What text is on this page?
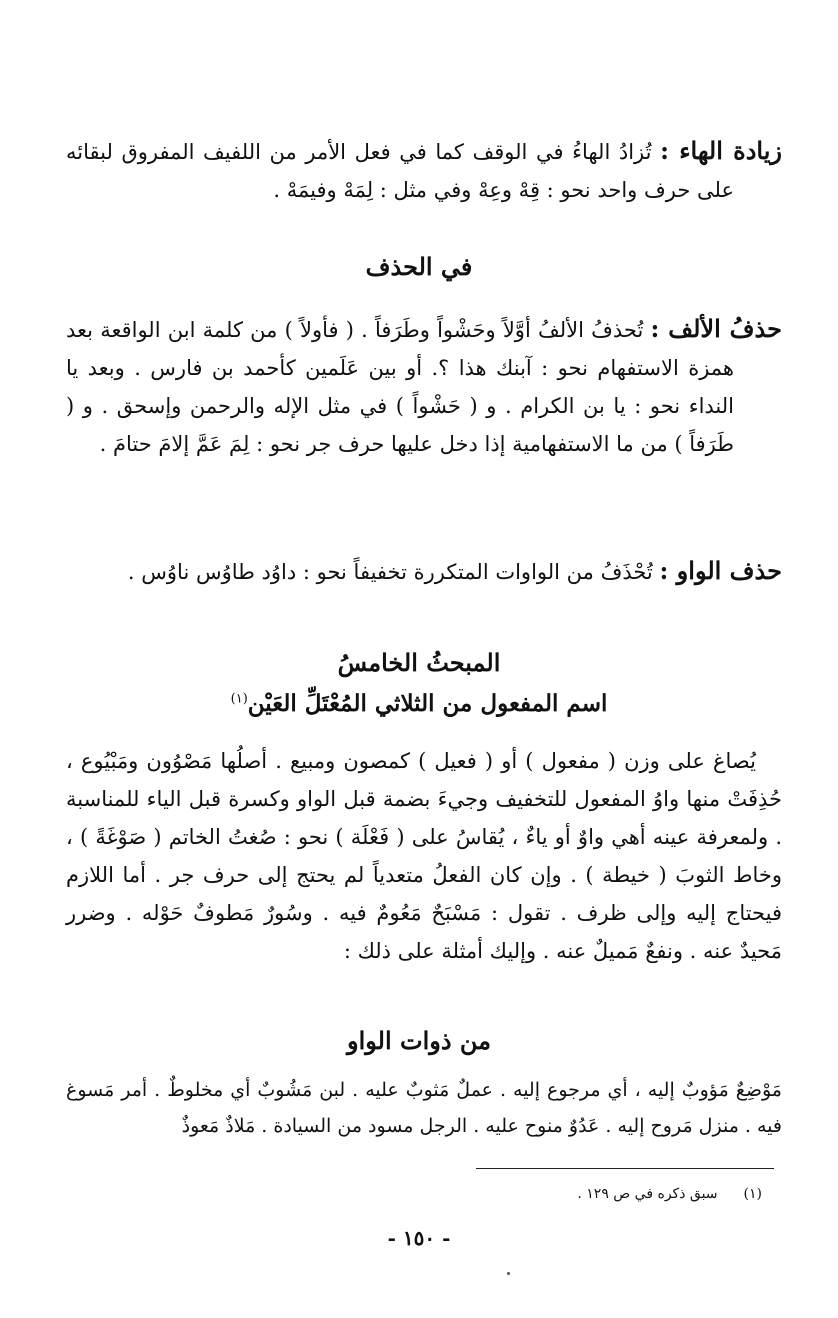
زيادة الهاء : تُزادُ الهاءُ في الوقف كما في فعل الأمر من اللفيف المفروق لبقائه على حرف واحد نحو : قِهْ وعِهْ وفي مثل : لِمَهْ وفيمَهْ .

في الحذف

حذفُ الألف : تُحذفُ الألفُ أوَّلاً وحَشْواً وطَرَفاً . ( فأولاً ) من كلمة ابن الواقعة بعد همزة الاستفهام نحو : آبنك هذا ؟. أو بين عَلَمين كأحمد بن فارس . وبعد يا النداء نحو : يا بن الكرام . و ( حَشْواً ) في مثل الإله والرحمن وإسحق . و ( طَرَفاً ) من ما الاستفهامية إذا دخل عليها حرف جر نحو : لِمَ عَمَّ إلامَ حتامَ .

حذف الواو : تُحْذَفُ من الواوات المتكررة تخفيفاً نحو : داوُد طاوُس ناوُس .

المبحثُ الخامسُ
اسم المفعول من الثلاثي المُعْتَلِّ العَيْن$^{(١)}$

يُصاغ على وزن ( مفعول ) أو ( فعيل ) كمصون ومبيع . أصلُها مَصْوُون ومَبْيُوع ، حُذِفَتْ منها واوُ المفعول للتخفيف وجيءَ بضمة قبل الواو وكسرة قبل الياء للمناسبة . ولمعرفة عينه أهي واوٌ أو ياءٌ ، يُقاسُ على ( فَعْلَة ) نحو : صُغتُ الخاتم ( صَوْغَةً ) ، وخاط الثوبَ ( خيطة ) . وإن كان الفعلُ متعدياً لم يحتج إلى حرف جر . أما اللازم فيحتاج إليه وإلى ظرف . تقول : مَسْبَحٌ مَعُومٌ فيه . وسُورٌ مَطوفٌ حَوْله . وضرر مَحيدٌ عنه . ونفعٌ مَميلٌ عنه . وإليك أمثلة على ذلك :

من ذوات الواو

مَوْضِعٌ مَؤوبٌ إليه ، أي مرجوع إليه . عملٌ مَثوبٌ عليه . لبن مَشُوبٌ أي مخلوطٌ . أمر مَسوغ فيه . منزل مَروح إليه . عَدُوٌ منوح عليه . الرجل مسود من السيادة . مَلاذٌ مَعوذٌ

(١)سبق ذكره في ص ١٢٩ .
- ١٥٠ -
